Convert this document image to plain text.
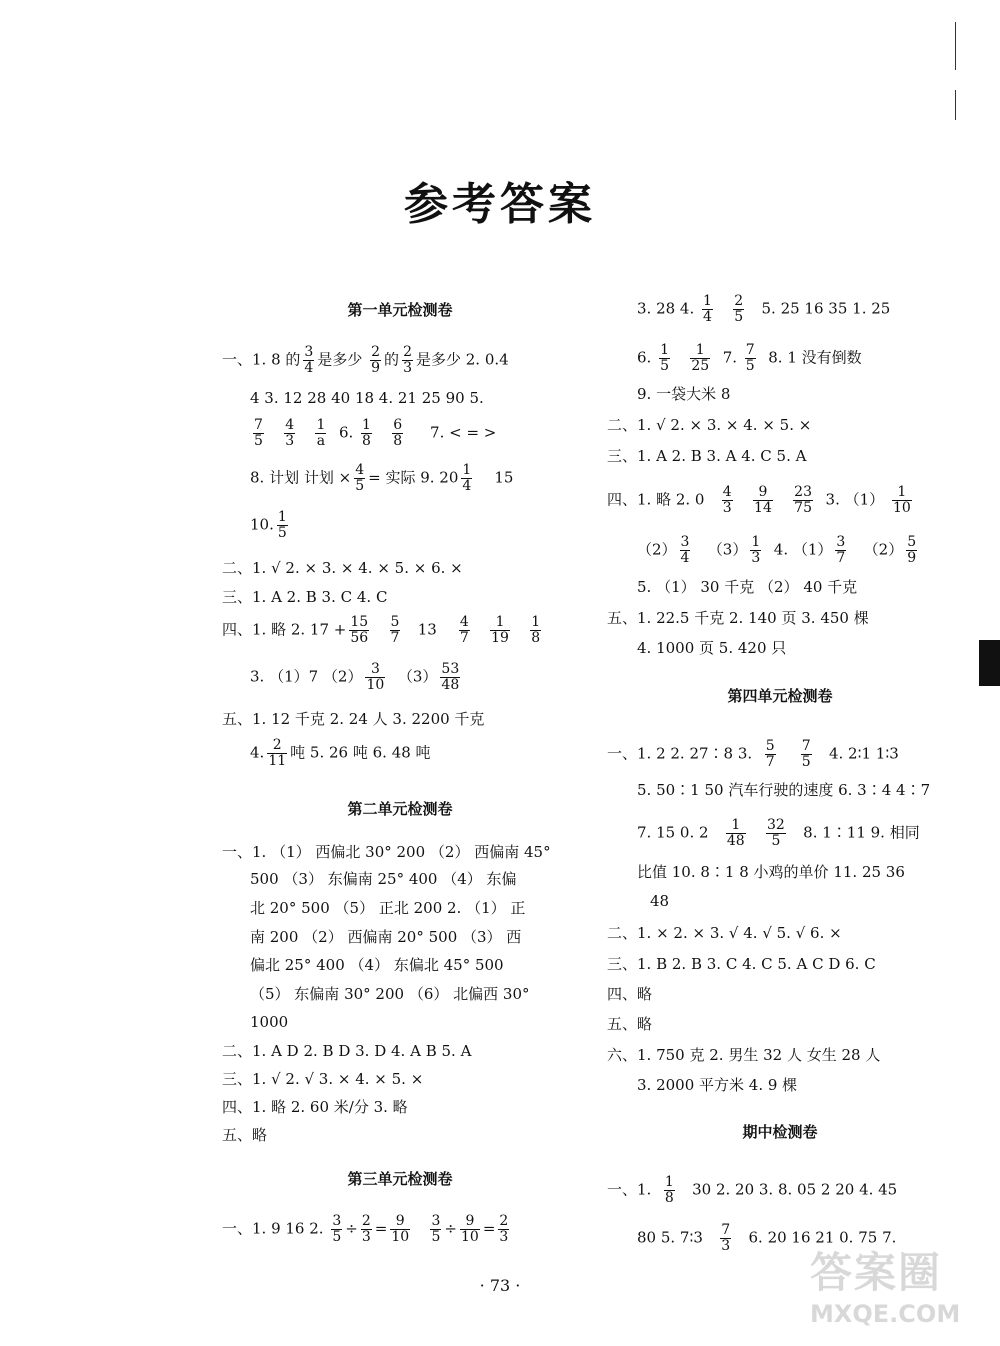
参考答案
第一单元检测卷
一、1. 8 的 $\frac{3}{4}$ 是多少 $\frac{2}{9}$ 的 $\frac{2}{3}$ 是多少 2. 0.4
4 3. 12 28 40 18 4. 21 25 90 5.
$\frac{7}{5}$
$\frac{4}{3}$
$\frac{1}{a} 6$. $\frac{1}{8}$
$\frac{6}{8} 7$. < = >
8. 计划 计划 × $\frac{4}{5}$ = 实际 9. $20 \frac{1}{4} 15$
10. $\frac{1}{5}$
二、1. √ 2. × 3. × 4. × 5. × 6. ×
三、1. A 2. B 3. C 4. C
四、1. 略 2. $17 + \frac{15}{56}$
$\frac{5}{7} 13 \frac{4}{7}$
$\frac{1}{19}$
$\frac{1}{8}$
3. （1）7 $(2) \frac{3}{10} (3) \frac{53}{48}$
五、1. 12 千克 2. 24 人 3. 2200 千克
4. $\frac{2}{11}$ 吨 5. 26 吨 6. 48 吨
第二单元检测卷
一、1. （1） 西偏北 30° 200 （2） 西偏南 45°
500 （3） 东偏南 25° 400 （4） 东偏
北 20° 500 （5） 正北 200 2. （1） 正
南 200 （2） 西偏南 20° 500 （3） 西
偏北 25° 400 （4） 东偏北 45° 500
（5） 东偏南 30° 200 （6） 北偏西 30°
1000
二、1. A D 2. B D 3. D 4. A B 5. A
三、1. √ 2. √ 3. × 4. × 5. ×
四、1. 略 2. 60 米/分 3. 略
五、略
第三单元检测卷
一、1. 9 16 2. $\frac{3}{5} \div \frac{2}{3} = \frac{9}{10}$
$\frac{3}{5} \div \frac{9}{10} = \frac{2}{3}$
3. 28 4. $\frac{1}{4}$
$\frac{2}{5} 5$. 25 16 35 1. 25
6. $\frac{1}{5}$
$\frac{1}{25} 7$. $\frac{7}{5} 8$. 1 没有倒数
9. 一袋大米 8
二、1. √ 2. × 3. × 4. × 5. ×
三、1. A 2. B 3. A 4. C 5. A
四、1. 略 2. $0 \frac{4}{3}$
$\frac{9}{14}$
$\frac{23}{75} 3$. $(1) \frac{1}{10}$
$(2) \frac{3}{4} (3) \frac{1}{3} 4$. $(1) \frac{3}{7} (2) \frac{5}{9}$
5. （1） 30 千克 （2） 40 千克
五、1. 22.5 千克 2. 140 页 3. 450 棵
4. 1000 页 5. 420 只
第四单元检测卷
一、1. 2 2. 27∶8 3. $\frac{5}{7}$
$\frac{7}{5} 4$. 2∶1 1∶3
5. 50∶1 50 汽车行驶的速度 6. 3∶4 4∶7
7. 15 0. $2 \frac{1}{48}$
$\frac{32}{5} 8$. 1∶11 9. 相同
比值 10. 8∶1 8 小鸡的单价 11. 25 36
48
二、1. × 2. × 3. √ 4. √ 5. √ 6. ×
三、1. B 2. B 3. C 4. C 5. A C D 6. C
四、略
五、略
六、1. 750 克 2. 男生 32 人 女生 28 人
3. 2000 平方米 4. 9 棵
期中检测卷
一、1. $\frac{1}{8} 30$ 2. 20 3. 8. 05 2 20 4. 45
80 5. 7∶3 $\frac{7}{3} 6$. 20 16 21 0. 75 7.
· 73 ·	答案圈
MXQE.COM
